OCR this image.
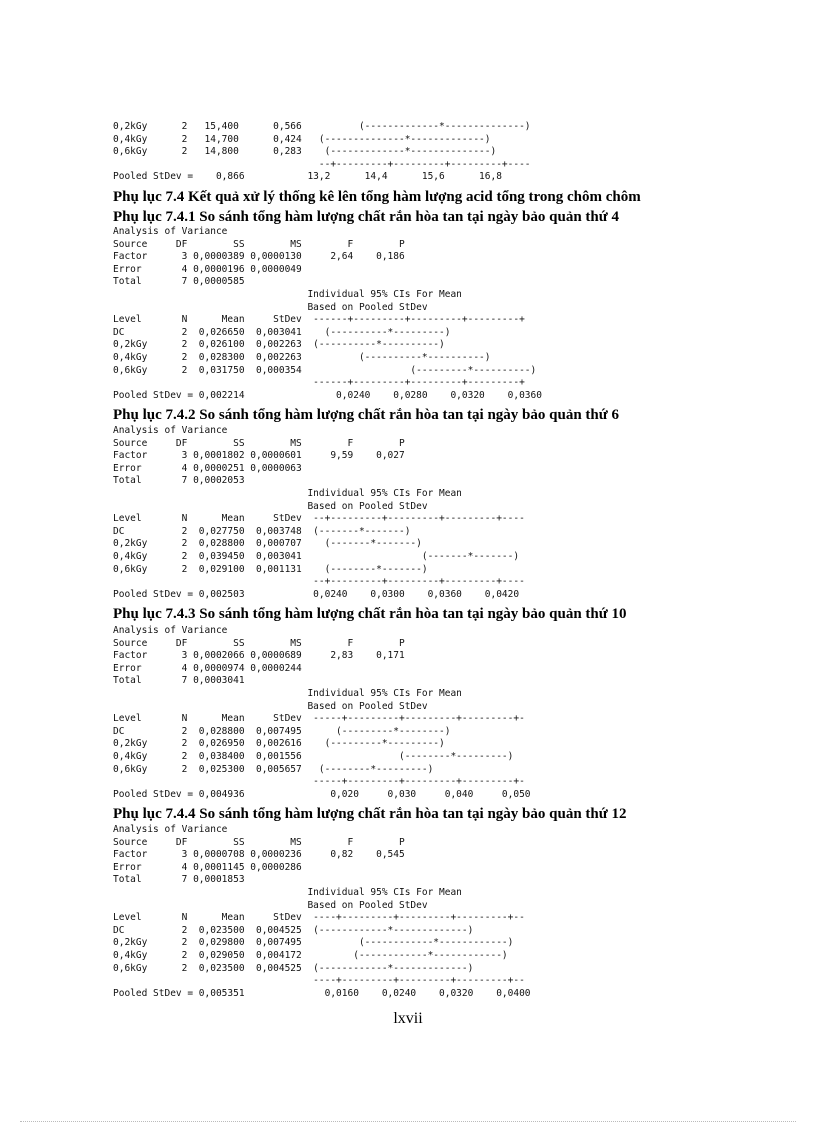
0,2kGy      2   15,400      0,566          (-------------*--------------)
0,4kGy      2   14,700      0,424   (--------------*-------------)
0,6kGy      2   14,800      0,283    (-------------*--------------)
--+---------+---------+---------+----
Pooled StDev =    0,866           13,2      14,4      15,6      16,8
Phụ lục 7.4 Kết quả xử lý thống kê lên tổng hàm lượng acid tổng trong chôm chôm
Phụ lục 7.4.1 So sánh tổng hàm lượng chất rắn hòa tan tại ngày bảo quản thứ 4
Analysis of Variance
Source     DF        SS        MS        F        P
Factor      3 0,0000389 0,0000130     2,64    0,186
Error       4 0,0000196 0,0000049
Total       7 0,0000585
Individual 95% CIs For Mean
Based on Pooled StDev
Level       N      Mean     StDev  ------+---------+---------+---------+
DC          2  0,026650  0,003041    (----------*---------)
0,2kGy      2  0,026100  0,002263  (----------*----------)
0,4kGy      2  0,028300  0,002263          (----------*----------)
0,6kGy      2  0,031750  0,000354                   (---------*----------)
------+---------+---------+---------+
Pooled StDev = 0,002214                0,0240    0,0280    0,0320    0,0360
Phụ lục 7.4.2 So sánh tổng hàm lượng chất rắn hòa tan tại ngày bảo quản thứ 6
Analysis of Variance
Source     DF        SS        MS        F        P
Factor      3 0,0001802 0,0000601     9,59    0,027
Error       4 0,0000251 0,0000063
Total       7 0,0002053
Individual 95% CIs For Mean
Based on Pooled StDev
Level       N      Mean     StDev  --+---------+---------+---------+----
DC          2  0,027750  0,003748  (-------*-------)
0,2kGy      2  0,028800  0,000707    (-------*-------)
0,4kGy      2  0,039450  0,003041                     (-------*-------)
0,6kGy      2  0,029100  0,001131    (--------*-------)
--+---------+---------+---------+----
Pooled StDev = 0,002503            0,0240    0,0300    0,0360    0,0420
Phụ lục 7.4.3 So sánh tổng hàm lượng chất rắn hòa tan tại ngày bảo quản thứ 10
Analysis of Variance
Source     DF        SS        MS        F        P
Factor      3 0,0002066 0,0000689     2,83    0,171
Error       4 0,0000974 0,0000244
Total       7 0,0003041
Individual 95% CIs For Mean
Based on Pooled StDev
Level       N      Mean     StDev  -----+---------+---------+---------+-
DC          2  0,028800  0,007495      (---------*--------)
0,2kGy      2  0,026950  0,002616    (---------*---------)
0,4kGy      2  0,038400  0,001556                 (--------*---------)
0,6kGy      2  0,025300  0,005657   (--------*---------)
-----+---------+---------+---------+-
Pooled StDev = 0,004936               0,020     0,030     0,040     0,050
Phụ lục 7.4.4 So sánh tổng hàm lượng chất rắn hòa tan tại ngày bảo quản thứ 12
Analysis of Variance
Source     DF        SS        MS        F        P
Factor      3 0,0000708 0,0000236     0,82    0,545
Error       4 0,0001145 0,0000286
Total       7 0,0001853
Individual 95% CIs For Mean
Based on Pooled StDev
Level       N      Mean     StDev  ----+---------+---------+---------+--
DC          2  0,023500  0,004525  (------------*-------------)
0,2kGy      2  0,029800  0,007495          (------------*------------)
0,4kGy      2  0,029050  0,004172         (------------*------------)
0,6kGy      2  0,023500  0,004525  (------------*-------------)
----+---------+---------+---------+--
Pooled StDev = 0,005351              0,0160    0,0240    0,0320    0,0400
lxvii
